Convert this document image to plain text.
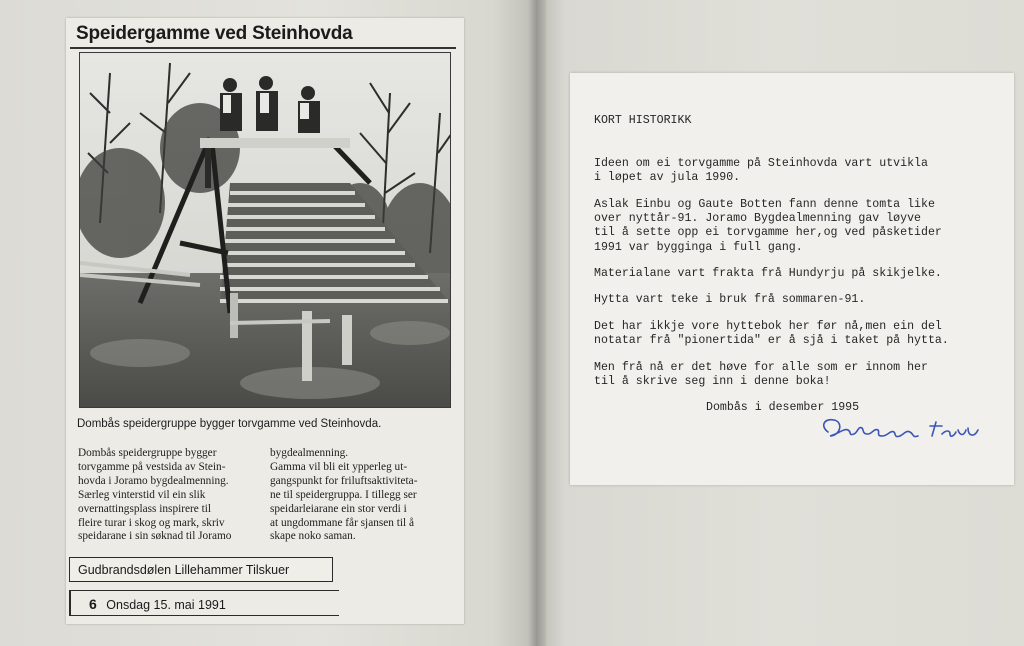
Speidergamme ved Steinhovda
Dombås speidergruppe bygger torvgamme ved Steinhovda.

Dombås speidergruppe bygger
torvgamme på vestsida av Stein-
hovda i Joramo bygdealmenning.
Særleg vinterstid vil ein slik
overnattingsplass inspirere til
fleire turar i skog og mark, skriv
speidarane i sin søknad til Joramo

bygdealmenning.
Gamma vil bli eit ypperleg ut-
gangspunkt for friluftsaktivitetа-
ne til speidergruppa. I tillegg ser
speidarleiarane ein stor verdi i
at ungdommane får sjansen til å
skape noko saman.

Gudbrandsdølen Lillehammer Tilskuer
6 Onsdag 15. mai 1991
KORT HISTORIKK
Ideen om ei torvgamme på Steinhovda vart utvikla
i løpet av jula 1990.
Aslak Einbu og Gaute Botten fann denne tomta like
over nyttår-91. Joramo Bygdealmenning gav løyve
til å sette opp ei torvgamme her,og ved påsketider
1991 var bygginga i full gang.
Materialane vart frakta frå Hundyrju på skikjelke.
Hytta vart teke i bruk frå sommaren-91.
Det har ikkje vore hyttebok her før nå,men ein del
notatar frå "pionertida" er å sjå i taket på hytta.
Men frå nå er det høve for alle som er innom her
til å skrive seg inn i denne boka!
Dombås i desember 1995
